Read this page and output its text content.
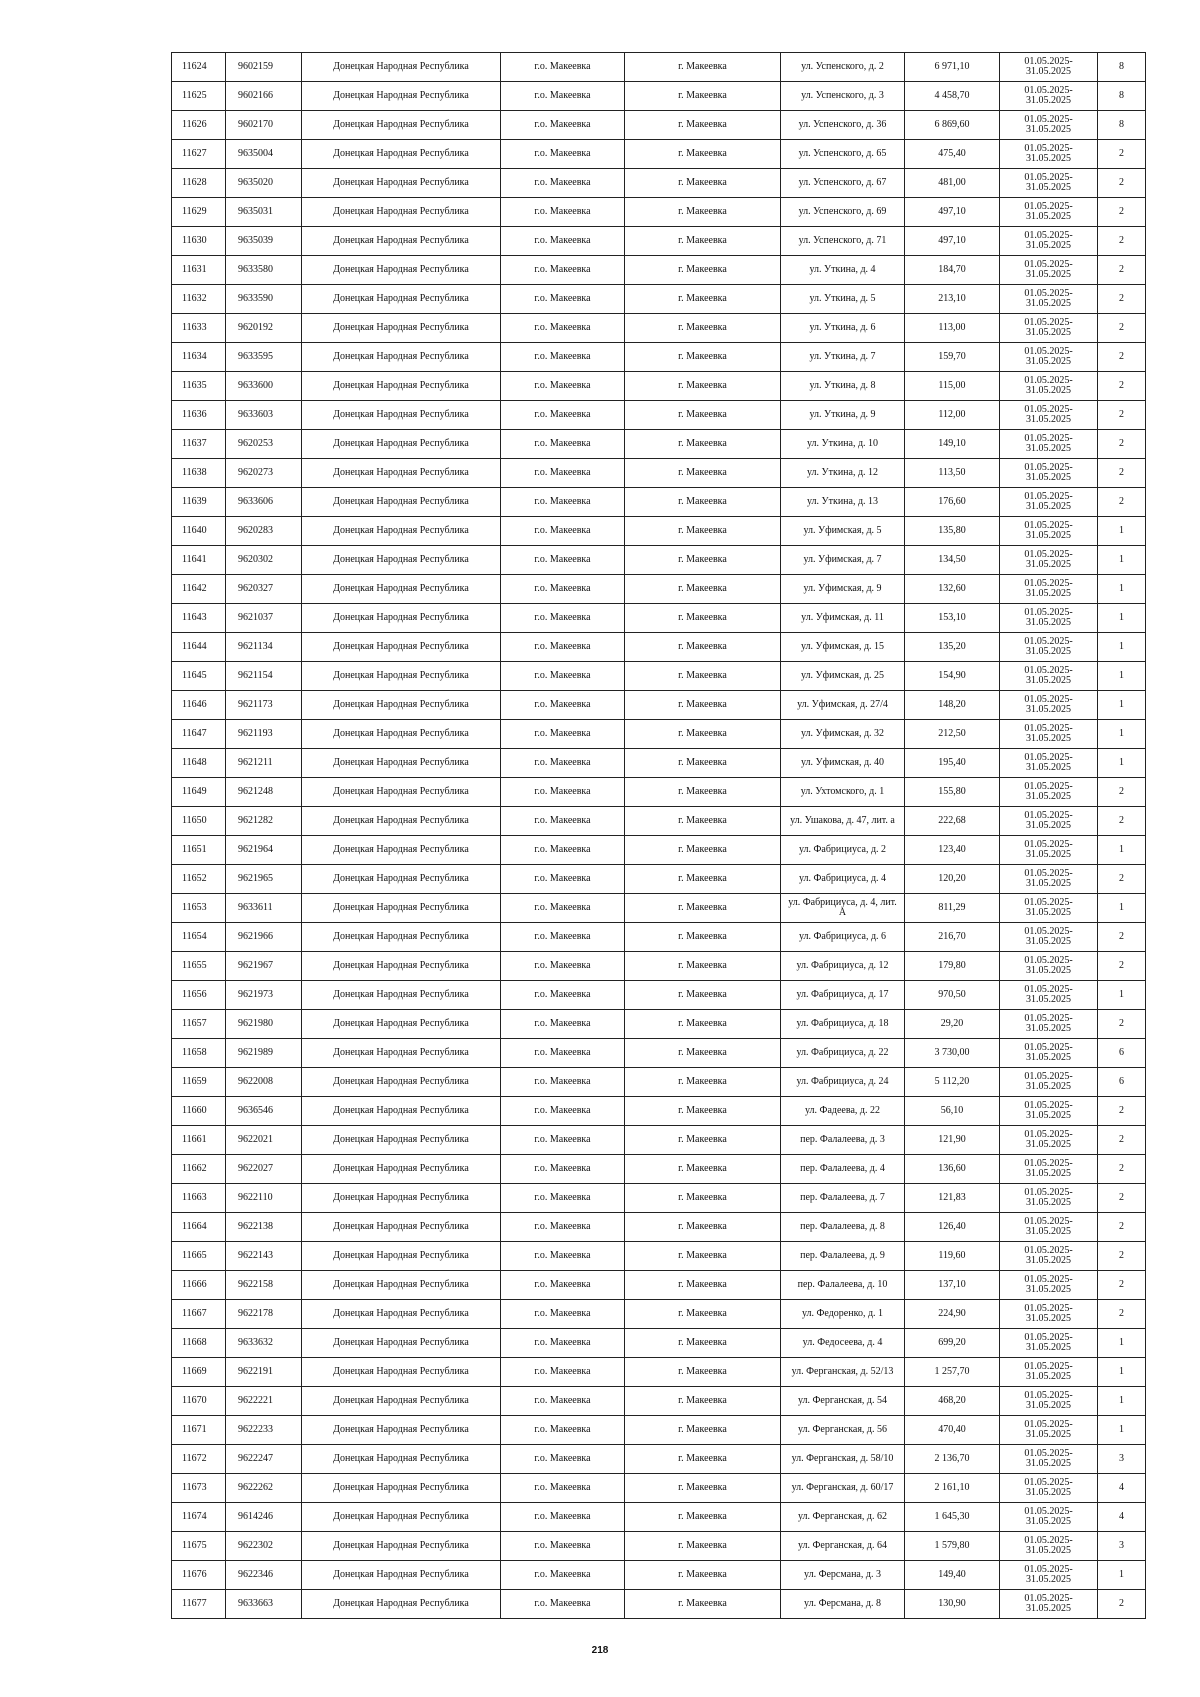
11624	9602159	Донецкая Народная Республика	г.о. Макеевка	г. Макеевка	ул. Успенского, д. 2	6 971,10	01.05.2025-
31.05.2025	8
11625	9602166	Донецкая Народная Республика	г.о. Макеевка	г. Макеевка	ул. Успенского, д. 3	4 458,70	01.05.2025-
31.05.2025	8
11626	9602170	Донецкая Народная Республика	г.о. Макеевка	г. Макеевка	ул. Успенского, д. 36	6 869,60	01.05.2025-
31.05.2025	8
11627	9635004	Донецкая Народная Республика	г.о. Макеевка	г. Макеевка	ул. Успенского, д. 65	475,40	01.05.2025-
31.05.2025	2
11628	9635020	Донецкая Народная Республика	г.о. Макеевка	г. Макеевка	ул. Успенского, д. 67	481,00	01.05.2025-
31.05.2025	2
11629	9635031	Донецкая Народная Республика	г.о. Макеевка	г. Макеевка	ул. Успенского, д. 69	497,10	01.05.2025-
31.05.2025	2
11630	9635039	Донецкая Народная Республика	г.о. Макеевка	г. Макеевка	ул. Успенского, д. 71	497,10	01.05.2025-
31.05.2025	2
11631	9633580	Донецкая Народная Республика	г.о. Макеевка	г. Макеевка	ул. Уткина, д. 4	184,70	01.05.2025-
31.05.2025	2
11632	9633590	Донецкая Народная Республика	г.о. Макеевка	г. Макеевка	ул. Уткина, д. 5	213,10	01.05.2025-
31.05.2025	2
11633	9620192	Донецкая Народная Республика	г.о. Макеевка	г. Макеевка	ул. Уткина, д. 6	113,00	01.05.2025-
31.05.2025	2
11634	9633595	Донецкая Народная Республика	г.о. Макеевка	г. Макеевка	ул. Уткина, д. 7	159,70	01.05.2025-
31.05.2025	2
11635	9633600	Донецкая Народная Республика	г.о. Макеевка	г. Макеевка	ул. Уткина, д. 8	115,00	01.05.2025-
31.05.2025	2
11636	9633603	Донецкая Народная Республика	г.о. Макеевка	г. Макеевка	ул. Уткина, д. 9	112,00	01.05.2025-
31.05.2025	2
11637	9620253	Донецкая Народная Республика	г.о. Макеевка	г. Макеевка	ул. Уткина, д. 10	149,10	01.05.2025-
31.05.2025	2
11638	9620273	Донецкая Народная Республика	г.о. Макеевка	г. Макеевка	ул. Уткина, д. 12	113,50	01.05.2025-
31.05.2025	2
11639	9633606	Донецкая Народная Республика	г.о. Макеевка	г. Макеевка	ул. Уткина, д. 13	176,60	01.05.2025-
31.05.2025	2
11640	9620283	Донецкая Народная Республика	г.о. Макеевка	г. Макеевка	ул. Уфимская, д. 5	135,80	01.05.2025-
31.05.2025	1
11641	9620302	Донецкая Народная Республика	г.о. Макеевка	г. Макеевка	ул. Уфимская, д. 7	134,50	01.05.2025-
31.05.2025	1
11642	9620327	Донецкая Народная Республика	г.о. Макеевка	г. Макеевка	ул. Уфимская, д. 9	132,60	01.05.2025-
31.05.2025	1
11643	9621037	Донецкая Народная Республика	г.о. Макеевка	г. Макеевка	ул. Уфимская, д. 11	153,10	01.05.2025-
31.05.2025	1
11644	9621134	Донецкая Народная Республика	г.о. Макеевка	г. Макеевка	ул. Уфимская, д. 15	135,20	01.05.2025-
31.05.2025	1
11645	9621154	Донецкая Народная Республика	г.о. Макеевка	г. Макеевка	ул. Уфимская, д. 25	154,90	01.05.2025-
31.05.2025	1
11646	9621173	Донецкая Народная Республика	г.о. Макеевка	г. Макеевка	ул. Уфимская, д. 27/4	148,20	01.05.2025-
31.05.2025	1
11647	9621193	Донецкая Народная Республика	г.о. Макеевка	г. Макеевка	ул. Уфимская, д. 32	212,50	01.05.2025-
31.05.2025	1
11648	9621211	Донецкая Народная Республика	г.о. Макеевка	г. Макеевка	ул. Уфимская, д. 40	195,40	01.05.2025-
31.05.2025	1
11649	9621248	Донецкая Народная Республика	г.о. Макеевка	г. Макеевка	ул. Ухтомского, д. 1	155,80	01.05.2025-
31.05.2025	2
11650	9621282	Донецкая Народная Республика	г.о. Макеевка	г. Макеевка	ул. Ушакова, д. 47, лит. а	222,68	01.05.2025-
31.05.2025	2
11651	9621964	Донецкая Народная Республика	г.о. Макеевка	г. Макеевка	ул. Фабрициуса, д. 2	123,40	01.05.2025-
31.05.2025	1
11652	9621965	Донецкая Народная Республика	г.о. Макеевка	г. Макеевка	ул. Фабрициуса, д. 4	120,20	01.05.2025-
31.05.2025	2
11653	9633611	Донецкая Народная Республика	г.о. Макеевка	г. Макеевка	ул. Фабрициуса, д. 4, лит. А	811,29	01.05.2025-
31.05.2025	1
11654	9621966	Донецкая Народная Республика	г.о. Макеевка	г. Макеевка	ул. Фабрициуса, д. 6	216,70	01.05.2025-
31.05.2025	2
11655	9621967	Донецкая Народная Республика	г.о. Макеевка	г. Макеевка	ул. Фабрициуса, д. 12	179,80	01.05.2025-
31.05.2025	2
11656	9621973	Донецкая Народная Республика	г.о. Макеевка	г. Макеевка	ул. Фабрициуса, д. 17	970,50	01.05.2025-
31.05.2025	1
11657	9621980	Донецкая Народная Республика	г.о. Макеевка	г. Макеевка	ул. Фабрициуса, д. 18	29,20	01.05.2025-
31.05.2025	2
11658	9621989	Донецкая Народная Республика	г.о. Макеевка	г. Макеевка	ул. Фабрициуса, д. 22	3 730,00	01.05.2025-
31.05.2025	6
11659	9622008	Донецкая Народная Республика	г.о. Макеевка	г. Макеевка	ул. Фабрициуса, д. 24	5 112,20	01.05.2025-
31.05.2025	6
11660	9636546	Донецкая Народная Республика	г.о. Макеевка	г. Макеевка	ул. Фадеева, д. 22	56,10	01.05.2025-
31.05.2025	2
11661	9622021	Донецкая Народная Республика	г.о. Макеевка	г. Макеевка	пер. Фалалеева, д. 3	121,90	01.05.2025-
31.05.2025	2
11662	9622027	Донецкая Народная Республика	г.о. Макеевка	г. Макеевка	пер. Фалалеева, д. 4	136,60	01.05.2025-
31.05.2025	2
11663	9622110	Донецкая Народная Республика	г.о. Макеевка	г. Макеевка	пер. Фалалеева, д. 7	121,83	01.05.2025-
31.05.2025	2
11664	9622138	Донецкая Народная Республика	г.о. Макеевка	г. Макеевка	пер. Фалалеева, д. 8	126,40	01.05.2025-
31.05.2025	2
11665	9622143	Донецкая Народная Республика	г.о. Макеевка	г. Макеевка	пер. Фалалеева, д. 9	119,60	01.05.2025-
31.05.2025	2
11666	9622158	Донецкая Народная Республика	г.о. Макеевка	г. Макеевка	пер. Фалалеева, д. 10	137,10	01.05.2025-
31.05.2025	2
11667	9622178	Донецкая Народная Республика	г.о. Макеевка	г. Макеевка	ул. Федоренко, д. 1	224,90	01.05.2025-
31.05.2025	2
11668	9633632	Донецкая Народная Республика	г.о. Макеевка	г. Макеевка	ул. Федосеева, д. 4	699,20	01.05.2025-
31.05.2025	1
11669	9622191	Донецкая Народная Республика	г.о. Макеевка	г. Макеевка	ул. Ферганская, д. 52/13	1 257,70	01.05.2025-
31.05.2025	1
11670	9622221	Донецкая Народная Республика	г.о. Макеевка	г. Макеевка	ул. Ферганская, д. 54	468,20	01.05.2025-
31.05.2025	1
11671	9622233	Донецкая Народная Республика	г.о. Макеевка	г. Макеевка	ул. Ферганская, д. 56	470,40	01.05.2025-
31.05.2025	1
11672	9622247	Донецкая Народная Республика	г.о. Макеевка	г. Макеевка	ул. Ферганская, д. 58/10	2 136,70	01.05.2025-
31.05.2025	3
11673	9622262	Донецкая Народная Республика	г.о. Макеевка	г. Макеевка	ул. Ферганская, д. 60/17	2 161,10	01.05.2025-
31.05.2025	4
11674	9614246	Донецкая Народная Республика	г.о. Макеевка	г. Макеевка	ул. Ферганская, д. 62	1 645,30	01.05.2025-
31.05.2025	4
11675	9622302	Донецкая Народная Республика	г.о. Макеевка	г. Макеевка	ул. Ферганская, д. 64	1 579,80	01.05.2025-
31.05.2025	3
11676	9622346	Донецкая Народная Республика	г.о. Макеевка	г. Макеевка	ул. Ферсмана, д. 3	149,40	01.05.2025-
31.05.2025	1
11677	9633663	Донецкая Народная Республика	г.о. Макеевка	г. Макеевка	ул. Ферсмана, д. 8	130,90	01.05.2025-
31.05.2025	2
218
